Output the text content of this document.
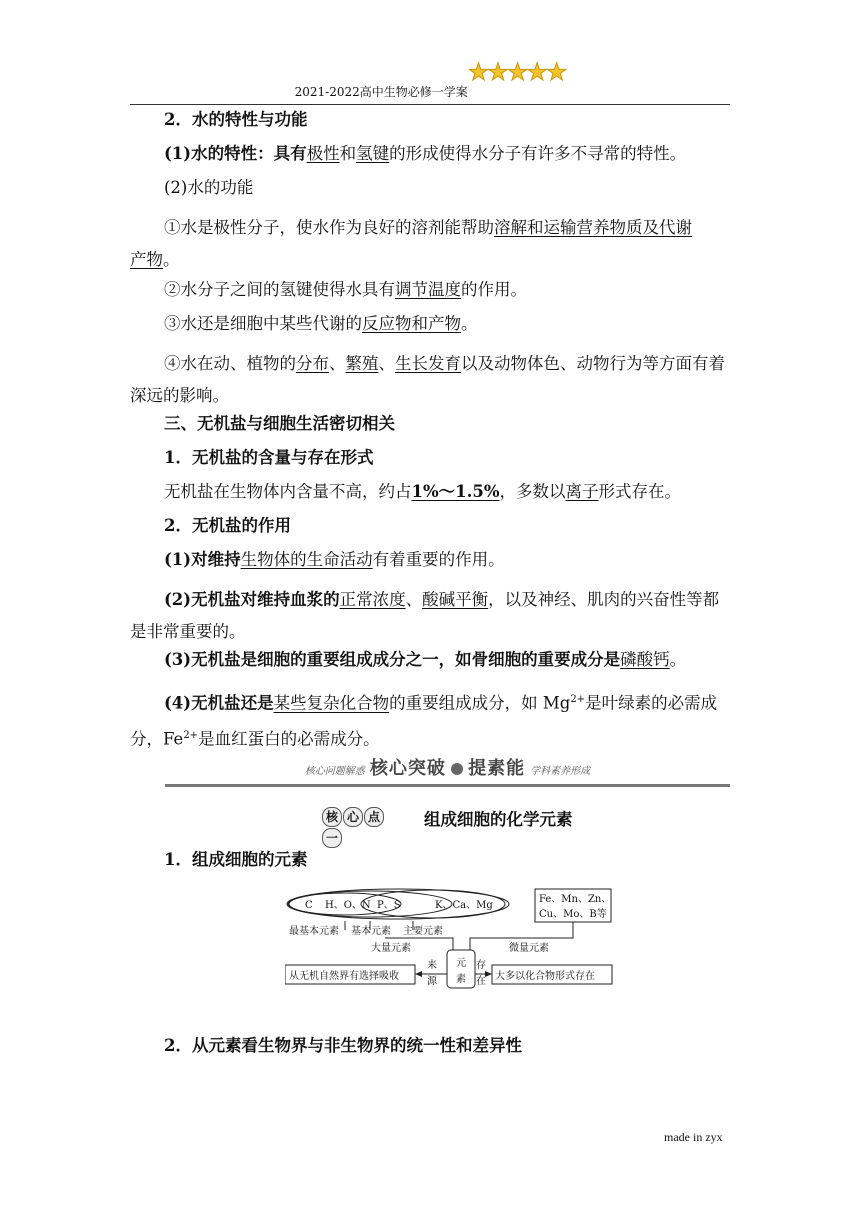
2021-2022高中生物必修一学案★★★★★
2．水的特性与功能
(1)水的特性：具有极性和氢键的形成使得水分子有许多不寻常的特性。
(2)水的功能
①水是极性分子，使水作为良好的溶剂能帮助溶解和运输营养物质及代谢
产物。
②水分子之间的氢键使得水具有调节温度的作用。
③水还是细胞中某些代谢的反应物和产物。
④水在动、植物的分布、繁殖、生长发育以及动物体色、动物行为等方面有着深远的影响。
三、无机盐与细胞生活密切相关
1．无机盐的含量与存在形式
无机盐在生物体内含量不高，约占1%～1.5%，多数以离子形式存在。
2．无机盐的作用
(1)对维持生物体的生命活动有着重要的作用。
(2)无机盐对维持血浆的正常浓度、酸碱平衡，以及神经、肌肉的兴奋性等都是非常重要的。
(3)无机盐是细胞的重要组成成分之一，如骨细胞的重要成分是磷酸钙。
(4)无机盐还是某些复杂化合物的重要组成成分，如 $Mg^{2+}$是叶绿素的必需成分，$Fe^{2+}$是血红蛋白的必需成分。
核心问题解惑 核心突破 提素能 学科素养形成
核 心 点一
组成细胞的化学元素
1．组成细胞的元素
C H、O、N P、S	K、Ca、Mg
Fe、Mn、Zn、
Cu、Mo、B等
最基本元素 基本元素 主要元素
大量元素	微量元素
元
素
来
源
存
在
从无机自然界有选择吸收	大多以化合物形式存在
2．从元素看生物界与非生物界的统一性和差异性
made in zyx
